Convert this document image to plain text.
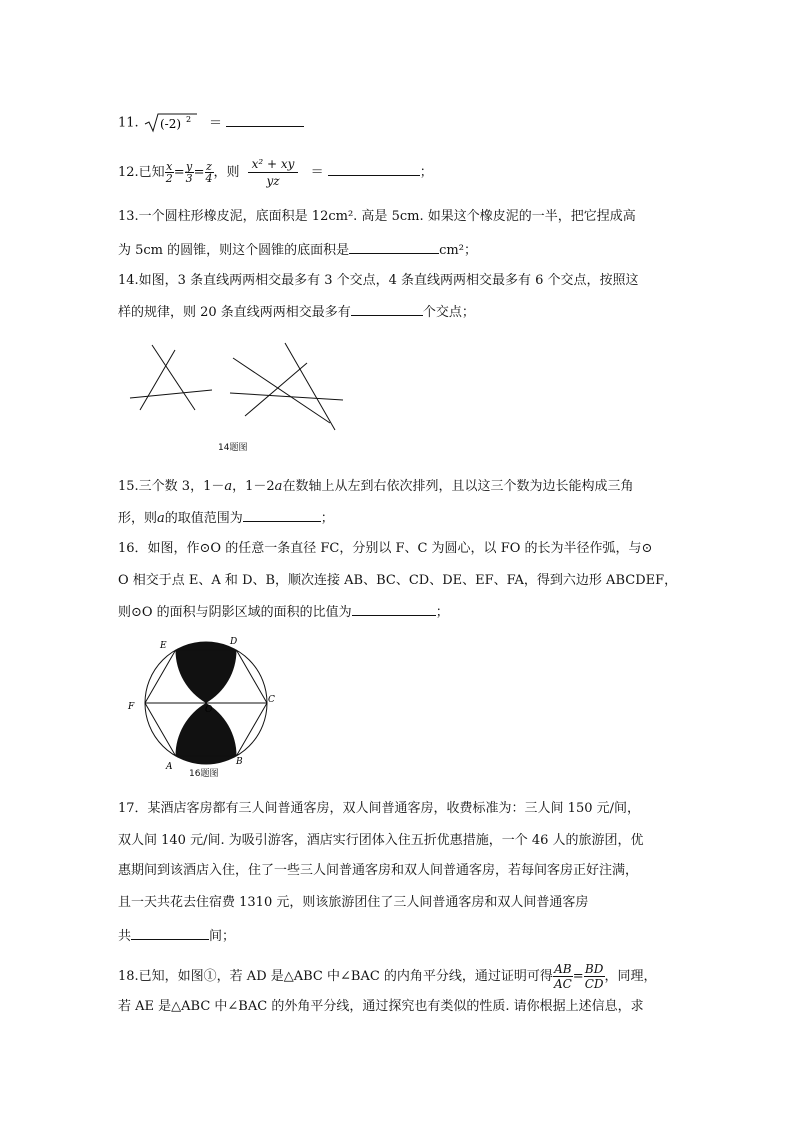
11. (-2) 2 ＝
12.已知 $\frac{x}{2} = \frac{y}{3} = \frac{z}{4}$ ，则 $\frac{\text{x² + xy}}{yz}$ ＝	；
13.一个圆柱形橡皮泥，底面积是 12cm². 高是 5cm. 如果这个橡皮泥的一半，把它捏成高
为 5cm 的圆锥，则这个圆锥的底面积是	cm²；
14.如图，3 条直线两两相交最多有 3 个交点，4 条直线两两相交最多有 6 个交点，按照这
样的规律，则 20 条直线两两相交最多有	个交点；
14题图
15.三个数 3，1－a，1－2a在数轴上从左到右依次排列，且以这三个数为边长能构成三角
形，则a的取值范围为	；
16．如图，作⊙O 的任意一条直径 FC，分别以 F、C 为圆心，以 FO 的长为半径作弧，与⊙
O 相交于点 E、A 和 D、B，顺次连接 AB、BC、CD、DE、EF、FA，得到六边形 ABCDEF，
则⊙O 的面积与阴影区域的面积的比值为	；
E	D
F	O
C
A	B
16题图
17．某酒店客房都有三人间普通客房，双人间普通客房，收费标准为：三人间 150 元/间，
双人间 140 元/间. 为吸引游客，酒店实行团体入住五折优惠措施，一个 46 人的旅游团，优
惠期间到该酒店入住，住了一些三人间普通客房和双人间普通客房，若每间客房正好注满，
且一天共花去住宿费 1310 元，则该旅游团住了三人间普通客房和双人间普通客房
共	间；
18.已知，如图①，若 AD 是△ABC 中∠BAC 的内角平分线，通过证明可得 $\frac{AB}{AC} = \frac{BD}{CD}$ ，同理，
若 AE 是△ABC 中∠BAC 的外角平分线，通过探究也有类似的性质. 请你根据上述信息，求
